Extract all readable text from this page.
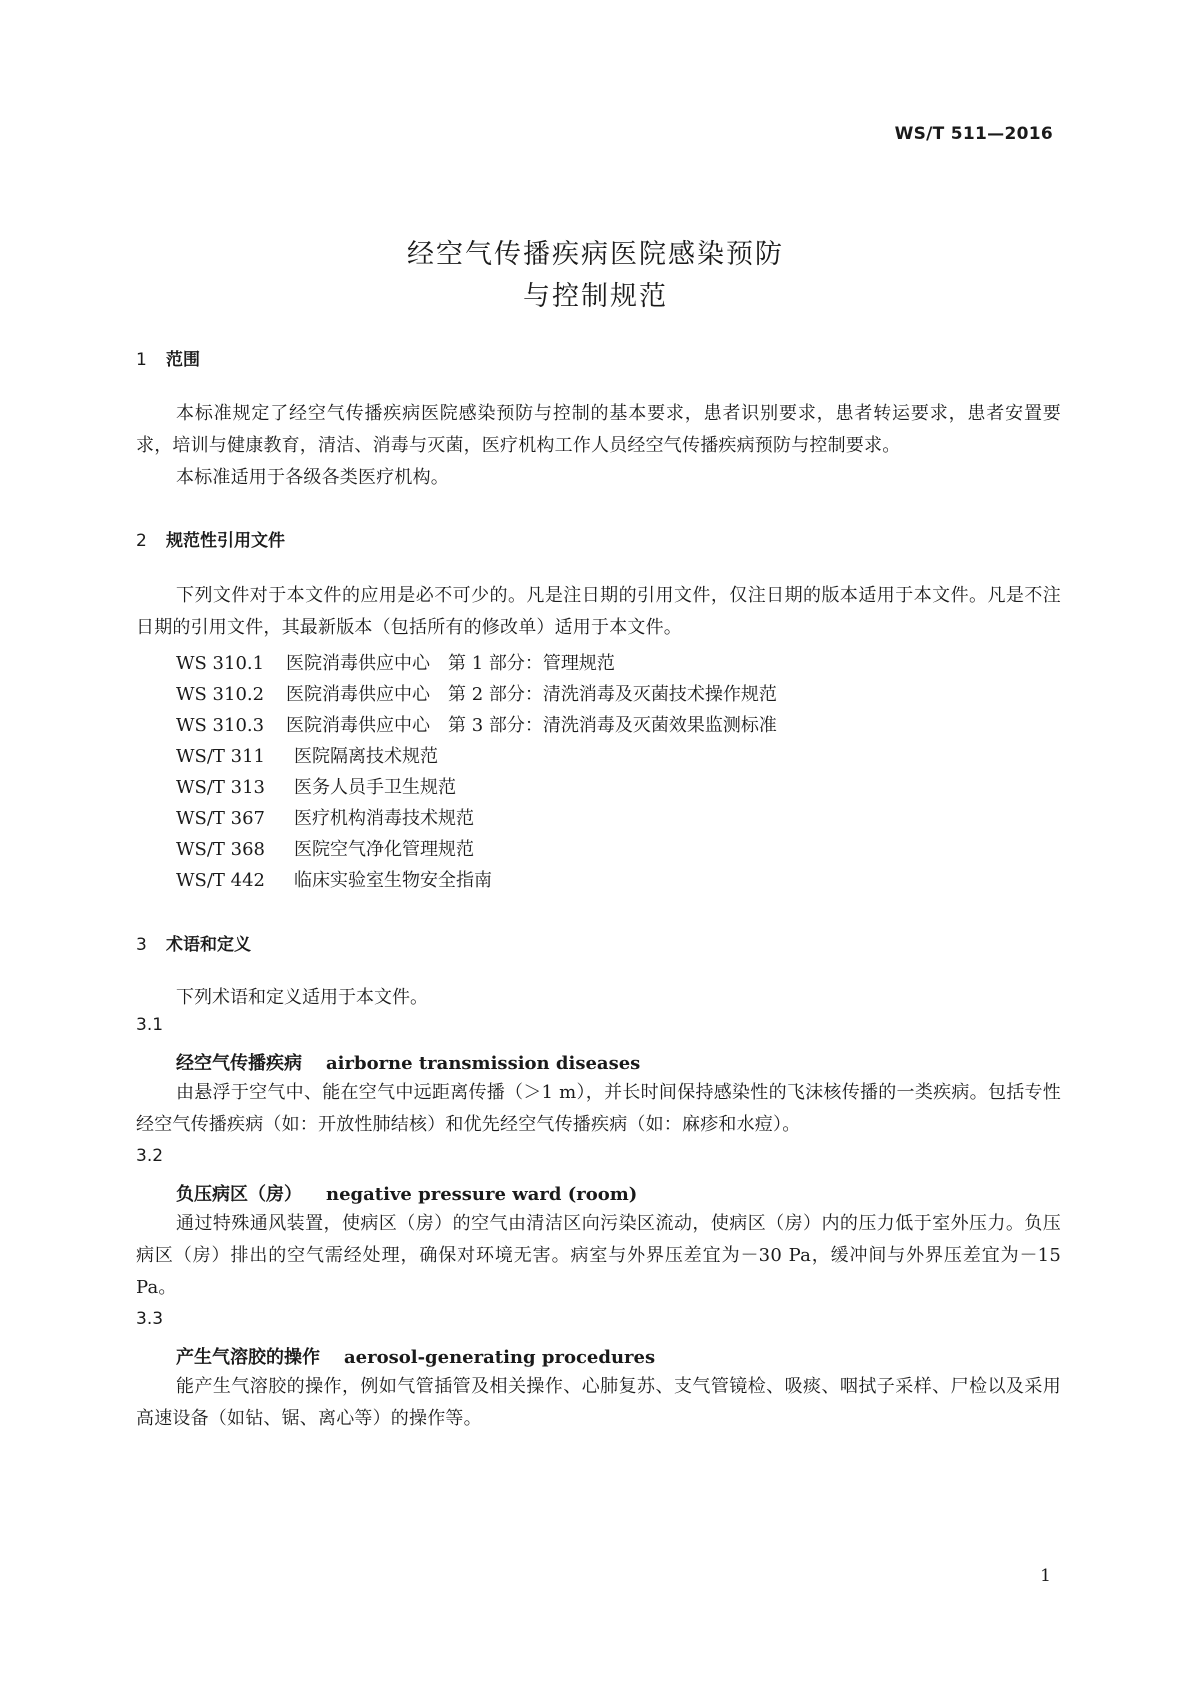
WS/T 511—2016
经空气传播疾病医院感染预防
与控制规范
1 范围
本标准规定了经空气传播疾病医院感染预防与控制的基本要求，患者识别要求，患者转运要求，患者安置要求，培训与健康教育，清洁、消毒与灭菌，医疗机构工作人员经空气传播疾病预防与控制要求。
本标准适用于各级各类医疗机构。
2 规范性引用文件
下列文件对于本文件的应用是必不可少的。凡是注日期的引用文件，仅注日期的版本适用于本文件。凡是不注日期的引用文件，其最新版本（包括所有的修改单）适用于本文件。
WS 310.1 医院消毒供应中心　第 1 部分：管理规范
WS 310.2 医院消毒供应中心　第 2 部分：清洗消毒及灭菌技术操作规范
WS 310.3 医院消毒供应中心　第 3 部分：清洗消毒及灭菌效果监测标准
WS/T 311 医院隔离技术规范
WS/T 313 医务人员手卫生规范
WS/T 367 医疗机构消毒技术规范
WS/T 368 医院空气净化管理规范
WS/T 442 临床实验室生物安全指南
3 术语和定义
下列术语和定义适用于本文件。
3.1
经空气传播疾病 airborne transmission diseases
由悬浮于空气中、能在空气中远距离传播（＞1 m），并长时间保持感染性的飞沫核传播的一类疾病。包括专性经空气传播疾病（如：开放性肺结核）和优先经空气传播疾病（如：麻疹和水痘）。
3.2
负压病区（房） negative pressure ward (room)
通过特殊通风装置，使病区（房）的空气由清洁区向污染区流动，使病区（房）内的压力低于室外压力。负压病区（房）排出的空气需经处理，确保对环境无害。病室与外界压差宜为－30 Pa，缓冲间与外界压差宜为－15 Pa。
3.3
产生气溶胶的操作 aerosol-generating procedures
能产生气溶胶的操作，例如气管插管及相关操作、心肺复苏、支气管镜检、吸痰、咽拭子采样、尸检以及采用高速设备（如钻、锯、离心等）的操作等。
1
